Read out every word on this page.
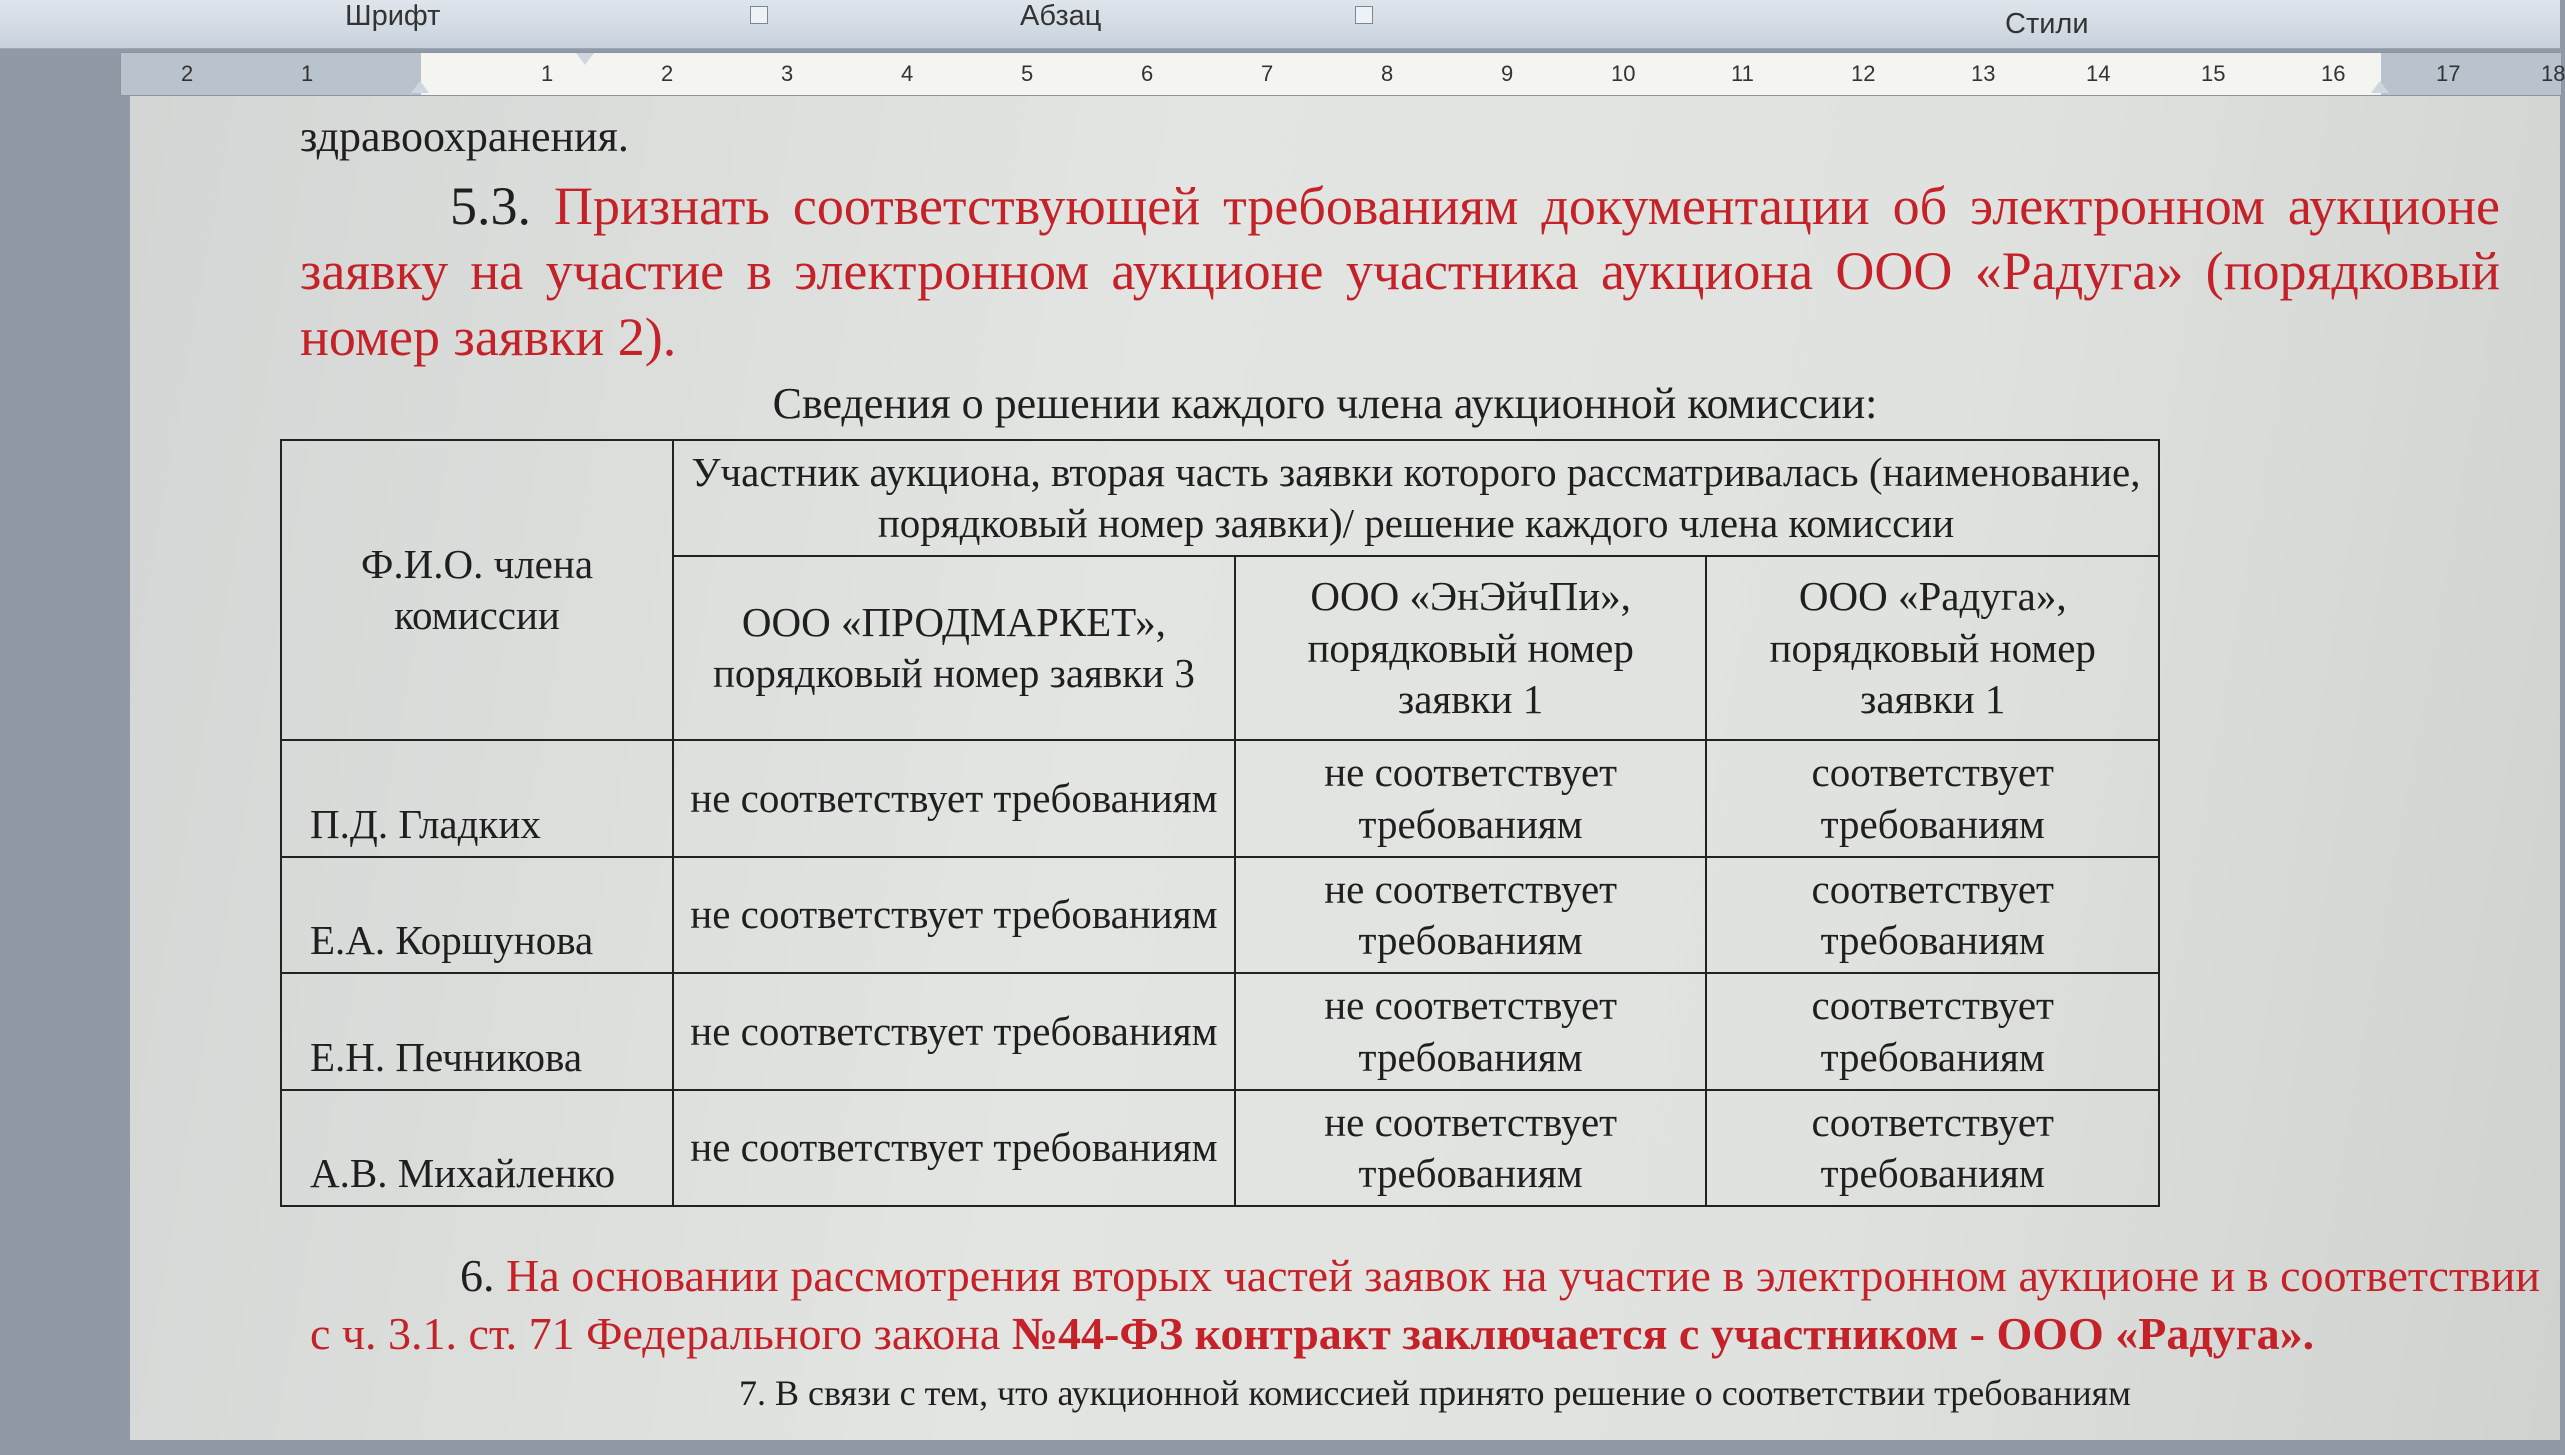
Шрифт	Абзац	Стили
2	1	1	2	3	4	5	6	7	8	9	10	11	12	13	14	15	16	17	18

здравоохранения.

5.3. Признать соответствующей требованиям документации об электронном аукционе заявку на участие в электронном аукционе участника аукциона ООО «Радуга» (порядковый номер заявки 2).

Сведения о решении каждого члена аукционной комиссии:

Ф.И.О. члена комиссии	Участник аукциона, вторая часть заявки которого рассматривалась (наименование, порядковый номер заявки)/ решение каждого члена комиссии		
	ООО «ПРОДМАРКЕТ», порядковый номер заявки 3	ООО «ЭнЭйчПи», порядковый номер заявки 1	ООО «Радуга», порядковый номер заявки 1
П.Д. Гладких	не соответствует требованиям	не соответствует требованиям	соответствует требованиям
Е.А. Коршунова	не соответствует требованиям	не соответствует требованиям	соответствует требованиям
Е.Н. Печникова	не соответствует требованиям	не соответствует требованиям	соответствует требованиям
А.В. Михайленко	не соответствует требованиям	не соответствует требованиям	соответствует требованиям

6. На основании рассмотрения вторых частей заявок на участие в электронном аукционе и в соответствии с ч. 3.1. ст. 71 Федерального закона №44-ФЗ контракт заключается с участником - ООО «Радуга».

7. В связи с тем, что аукционной комиссией принято решение о соответствии требованиям
